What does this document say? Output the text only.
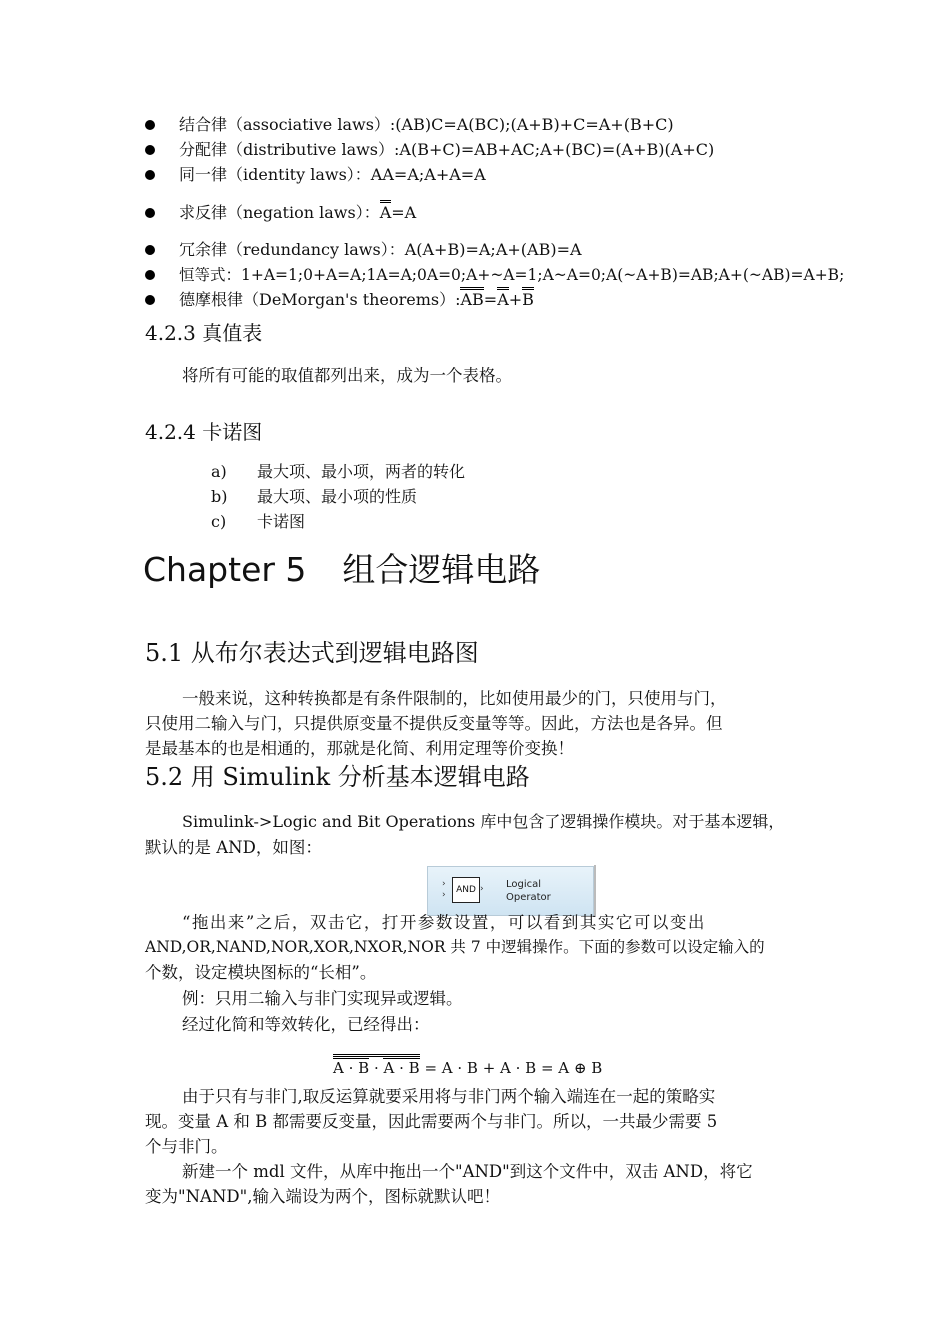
结合律（associative laws）:(AB)C=A(BC);(A+B)+C=A+(B+C)
分配律（distributive laws）:A(B+C)=AB+AC;A+(BC)=(A+B)(A+C)
同一律（identity laws）：AA=A;A+A=A
求反律（negation laws）：A=A
冗余律（redundancy laws）：A(A+B)=A;A+(AB)=A
恒等式：1+A=1;0+A=A;1A=A;0A=0;A+~A=1;A~A=0;A(~A+B)=AB;A+(~AB)=A+B;
德摩根律（DeMorgan's theorems）:AB=A+B
4.2.3 真值表
将所有可能的取值都列出来，成为一个表格。
4.2.4 卡诺图
a) 最大项、最小项，两者的转化
b) 最大项、最小项的性质
c) 卡诺图
Chapter 5 组合逻辑电路
5.1 从布尔表达式到逻辑电路图
一般来说，这种转换都是有条件限制的，比如使用最少的门，只使用与门，
只使用二输入与门，只提供原变量不提供反变量等等。因此，方法也是各异。但
是最基本的也是相通的，那就是化简、利用定理等价变换！
5.2 用 Simulink 分析基本逻辑电路
Simulink->Logic and Bit Operations 库中包含了逻辑操作模块。对于基本逻辑，
默认的是 AND，如图：
›
›	AND › Logical
Operator
“拖出来”之后，双击它，打开参数设置，可以看到其实它可以变出
AND,OR,NAND,NOR,XOR,NXOR,NOR 共 7 中逻辑操作。下面的参数可以设定输入的
个数，设定模块图标的“长相”。
例：只用二输入与非门实现异或逻辑。
经过化简和等效转化，已经得出：
A · B · A · B = A · B + A · B = A ⊕ B
由于只有与非门,取反运算就要采用将与非门两个输入端连在一起的策略实
现。变量 A 和 B 都需要反变量，因此需要两个与非门。所以，一共最少需要 5
个与非门。
新建一个 mdl 文件，从库中拖出一个"AND"到这个文件中，双击 AND，将它
变为"NAND",输入端设为两个，图标就默认吧！
